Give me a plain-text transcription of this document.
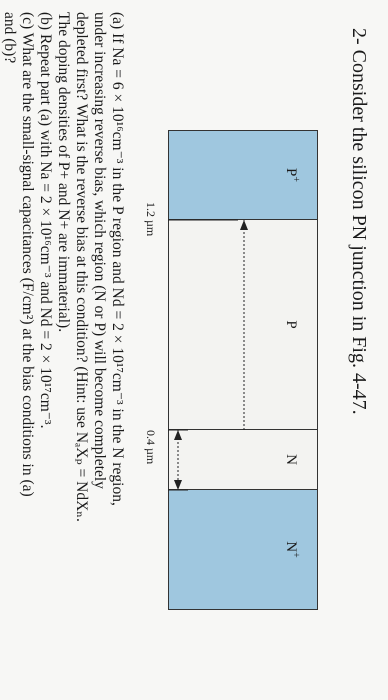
2- Consider the silicon PN junction in Fig. 4-47.
P+
P
N
N+
1.2 µm
0.4 µm

(a) If Na = 6 × 10¹⁶cm⁻³ in the P region and Nd = 2 × 10¹⁷cm⁻³ in the N region,

under increasing reverse bias, which region (N or P) will become completely

depleted first? What is the reverse bias at this condition? (Hint: use NₐXₚ = NdXₙ.

The doping densities of P+ and N+ are immaterial).

(b) Repeat part (a) with Na = 2 × 10¹⁶cm⁻³ and Nd = 2 × 10¹⁷cm⁻³.

(c) What are the small-signal capacitances (F/cm²) at the bias conditions in (a)

and (b)?
